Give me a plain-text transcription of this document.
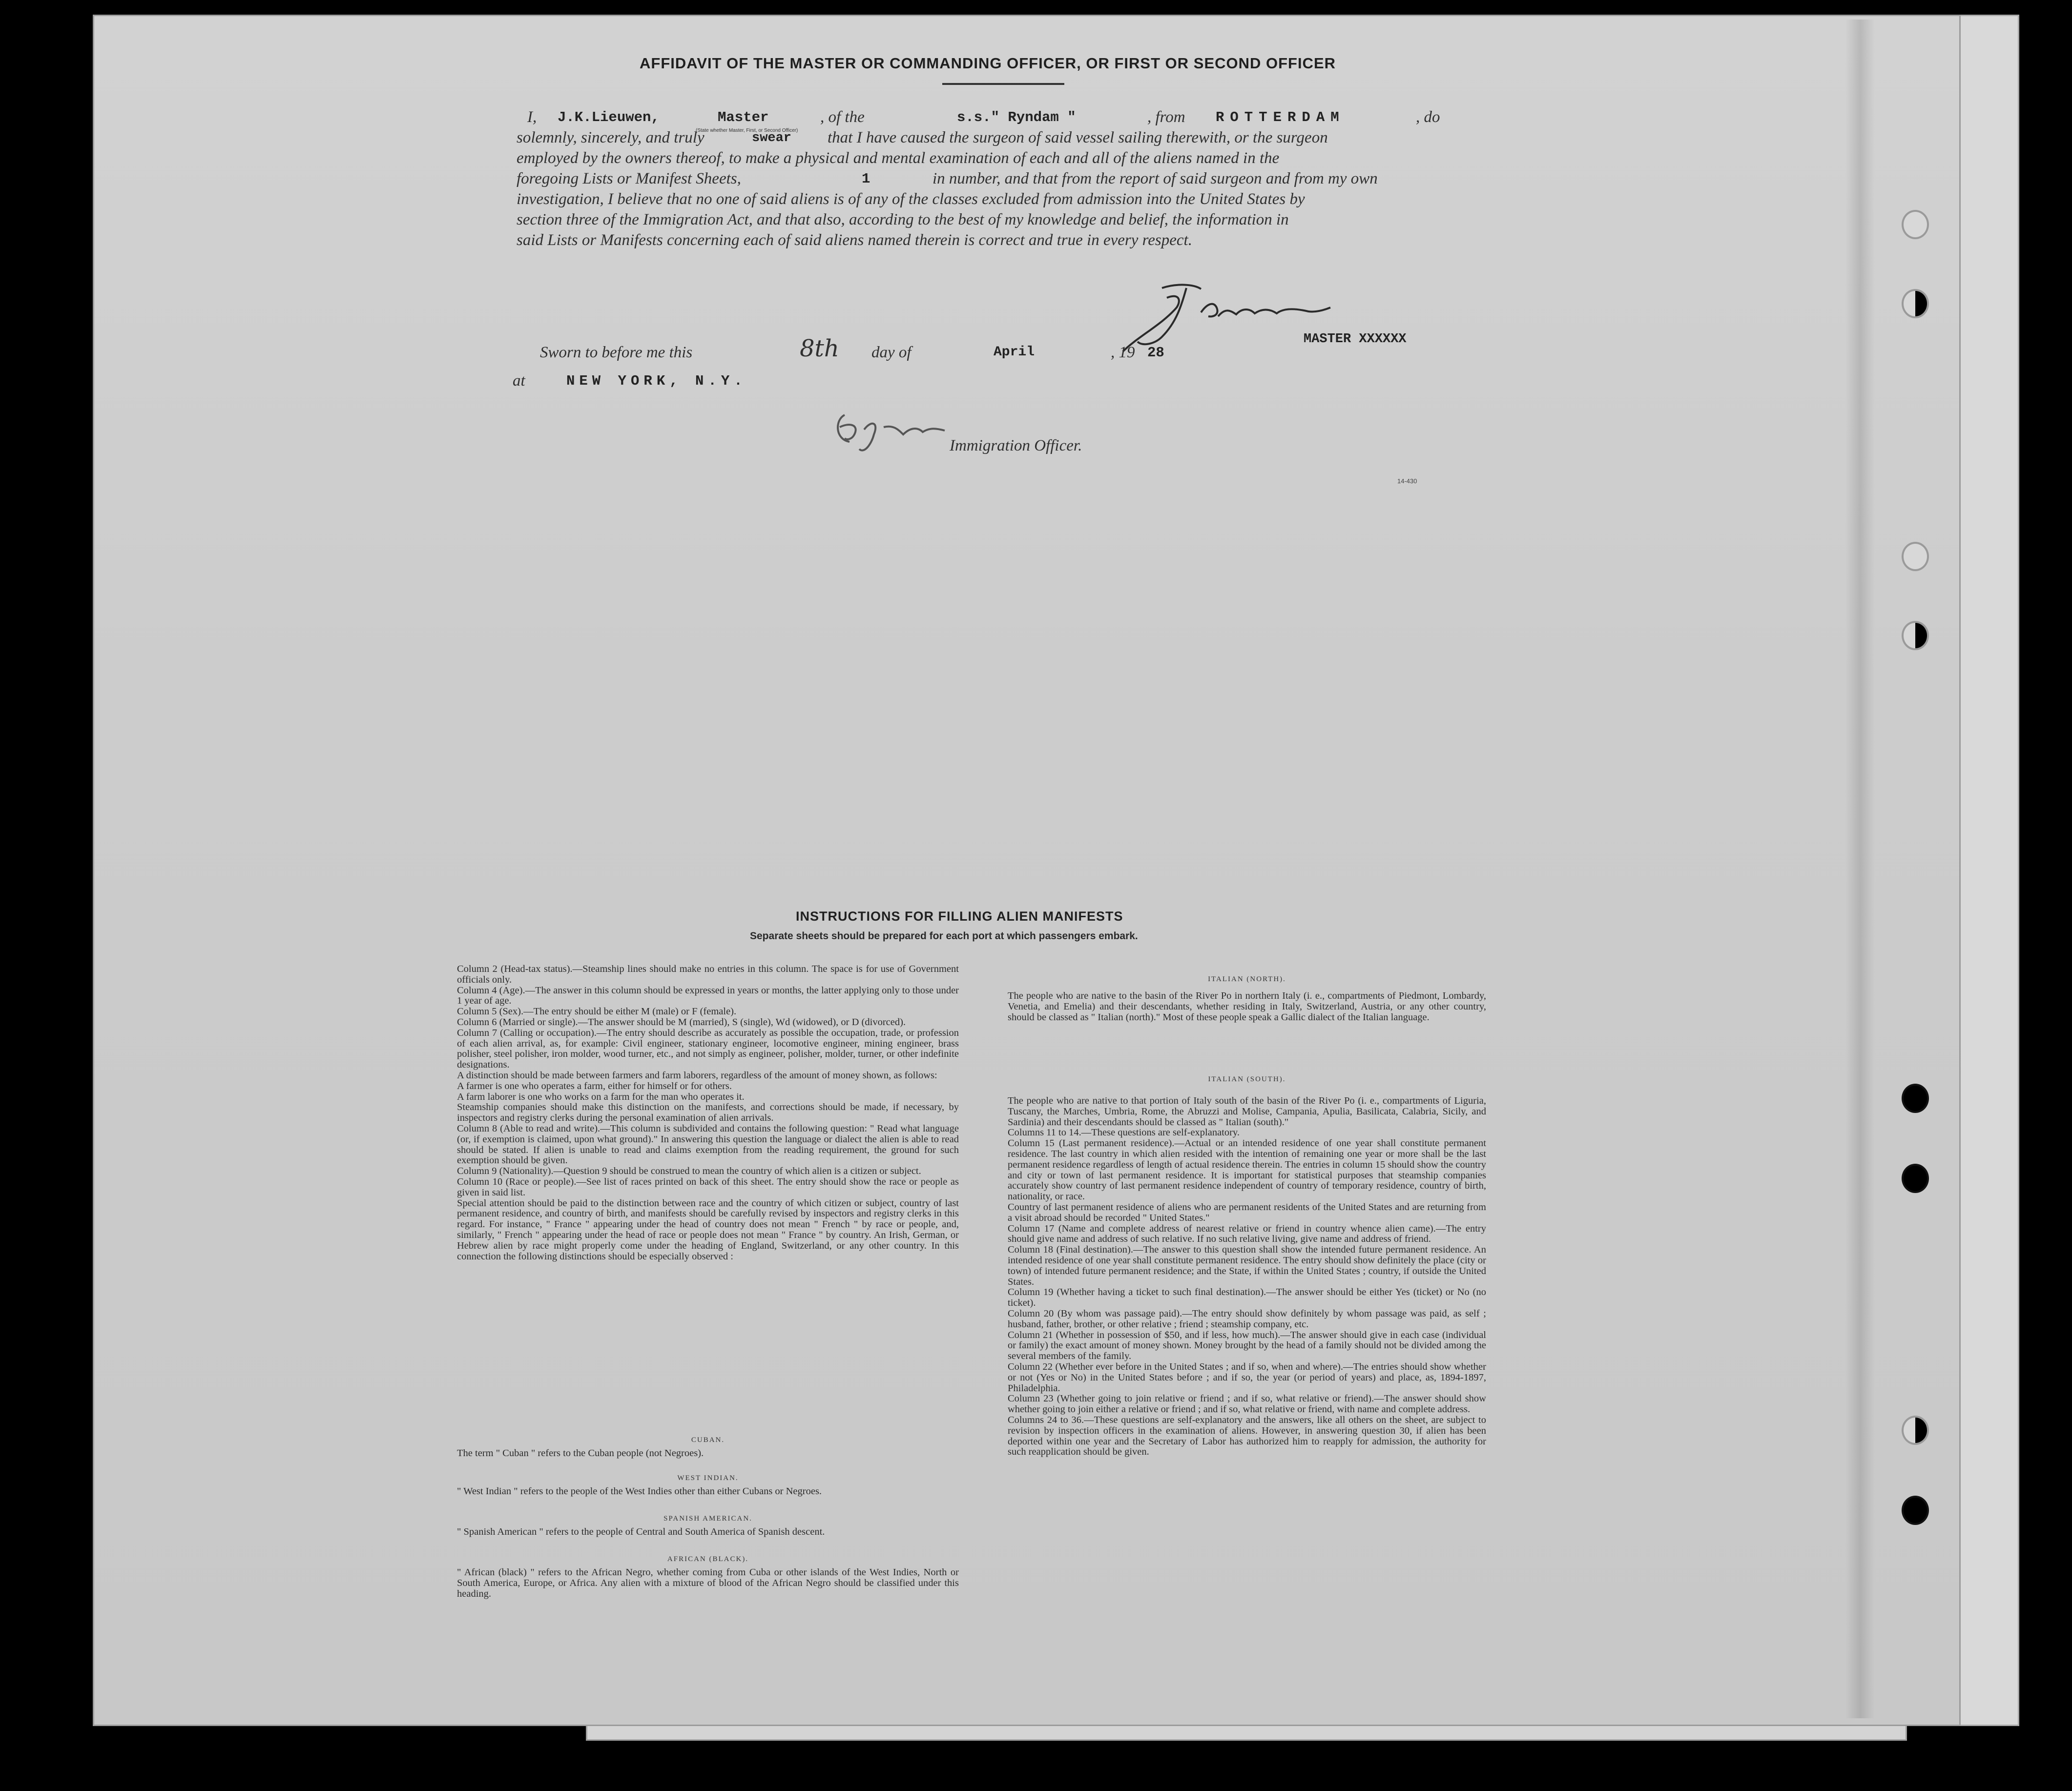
AFFIDAVIT OF THE MASTER OR COMMANDING OFFICER, OR FIRST OR SECOND OFFICER
I, J.K.Lieuwen,	Master
(State whether Master, First, or Second Officer)
, of the	s.s." Ryndam "	, from ROTTERDAM	, do
solemnly, sincerely, and truly	swear that I have caused the surgeon of said vessel sailing therewith, or the surgeon
employed by the owners thereof, to make a physical and mental examination of each and all of the aliens named in the
foregoing Lists or Manifest Sheets,	1	in number, and that from the report of said surgeon and from my own
investigation, I believe that no one of said aliens is of any of the classes excluded from admission into the United States by
section three of the Immigration Act, and that also, according to the best of my knowledge and belief, the information in
said Lists or Manifests concerning each of said aliens named therein is correct and true in every respect.
Sworn to before me this	8th day of	April	, 19 28
MASTER XXXXXX
at	NEW YORK, N.Y.
Immigration Officer.
14-430
INSTRUCTIONS FOR FILLING ALIEN MANIFESTS
Separate sheets should be prepared for each port at which passengers embark.
Column 2 (Head-tax status).—Steamship lines should make no entries in this column. The space is for use of Government officials only.
Column 4 (Age).—The answer in this column should be expressed in years or months, the latter applying only to those under 1 year of age.
Column 5 (Sex).—The entry should be either M (male) or F (female).
Column 6 (Married or single).—The answer should be M (married), S (single), Wd (widowed), or D (divorced).
Column 7 (Calling or occupation).—The entry should describe as accurately as possible the occupation, trade, or profession of each alien arrival, as, for example: Civil engineer, stationary engineer, locomotive engineer, mining engineer, brass polisher, steel polisher, iron molder, wood turner, etc., and not simply as engineer, polisher, molder, turner, or other indefinite designations.
A distinction should be made between farmers and farm laborers, regardless of the amount of money shown, as follows:
A farmer is one who operates a farm, either for himself or for others.
A farm laborer is one who works on a farm for the man who operates it.
Steamship companies should make this distinction on the manifests, and corrections should be made, if necessary, by inspectors and registry clerks during the personal examination of alien arrivals.
Column 8 (Able to read and write).—This column is subdivided and contains the following question: " Read what language (or, if exemption is claimed, upon what ground)." In answering this question the language or dialect the alien is able to read should be stated. If alien is unable to read and claims exemption from the reading requirement, the ground for such exemption should be given.
Column 9 (Nationality).—Question 9 should be construed to mean the country of which alien is a citizen or subject.
Column 10 (Race or people).—See list of races printed on back of this sheet. The entry should show the race or people as given in said list.
Special attention should be paid to the distinction between race and the country of which citizen or subject, country of last permanent residence, and country of birth, and manifests should be carefully revised by inspectors and registry clerks in this regard. For instance, " France " appearing under the head of country does not mean " French " by race or people, and, similarly, " French " appearing under the head of race or people does not mean " France " by country. An Irish, German, or Hebrew alien by race might properly come under the heading of England, Switzerland, or any other country. In this connection the following distinctions should be especially observed :
CUBAN.
The term " Cuban " refers to the Cuban people (not Negroes).
WEST INDIAN.
" West Indian " refers to the people of the West Indies other than either Cubans or Negroes.
SPANISH AMERICAN.
" Spanish American " refers to the people of Central and South America of Spanish descent.
AFRICAN (BLACK).
" African (black) " refers to the African Negro, whether coming from Cuba or other islands of the West Indies, North or South America, Europe, or Africa. Any alien with a mixture of blood of the African Negro should be classified under this heading.
ITALIAN (NORTH).
The people who are native to the basin of the River Po in northern Italy (i. e., compartments of Piedmont, Lombardy, Venetia, and Emelia) and their descendants, whether residing in Italy, Switzerland, Austria, or any other country, should be classed as " Italian (north)." Most of these people speak a Gallic dialect of the Italian language.
ITALIAN (SOUTH).
The people who are native to that portion of Italy south of the basin of the River Po (i. e., compartments of Liguria, Tuscany, the Marches, Umbria, Rome, the Abruzzi and Molise, Campania, Apulia, Basilicata, Calabria, Sicily, and Sardinia) and their descendants should be classed as " Italian (south)."
Columns 11 to 14.—These questions are self-explanatory.
Column 15 (Last permanent residence).—Actual or an intended residence of one year shall constitute permanent residence. The last country in which alien resided with the intention of remaining one year or more shall be the last permanent residence regardless of length of actual residence therein. The entries in column 15 should show the country and city or town of last permanent residence. It is important for statistical purposes that steamship companies accurately show country of last permanent residence independent of country of temporary residence, country of birth, nationality, or race.
Country of last permanent residence of aliens who are permanent residents of the United States and are returning from a visit abroad should be recorded " United States."
Column 17 (Name and complete address of nearest relative or friend in country whence alien came).—The entry should give name and address of such relative. If no such relative living, give name and address of friend.
Column 18 (Final destination).—The answer to this question shall show the intended future permanent residence. An intended residence of one year shall constitute permanent residence. The entry should show definitely the place (city or town) of intended future permanent residence; and the State, if within the United States ; country, if outside the United States.
Column 19 (Whether having a ticket to such final destination).—The answer should be either Yes (ticket) or No (no ticket).
Column 20 (By whom was passage paid).—The entry should show definitely by whom passage was paid, as self ; husband, father, brother, or other relative ; friend ; steamship company, etc.
Column 21 (Whether in possession of $50, and if less, how much).—The answer should give in each case (individual or family) the exact amount of money shown. Money brought by the head of a family should not be divided among the several members of the family.
Column 22 (Whether ever before in the United States ; and if so, when and where).—The entries should show whether or not (Yes or No) in the United States before ; and if so, the year (or period of years) and place, as, 1894-1897, Philadelphia.
Column 23 (Whether going to join relative or friend ; and if so, what relative or friend).—The answer should show whether going to join either a relative or friend ; and if so, what relative or friend, with name and complete address.
Columns 24 to 36.—These questions are self-explanatory and the answers, like all others on the sheet, are subject to revision by inspection officers in the examination of aliens. However, in answering question 30, if alien has been deported within one year and the Secretary of Labor has authorized him to reapply for admission, the authority for such reapplication should be given.
